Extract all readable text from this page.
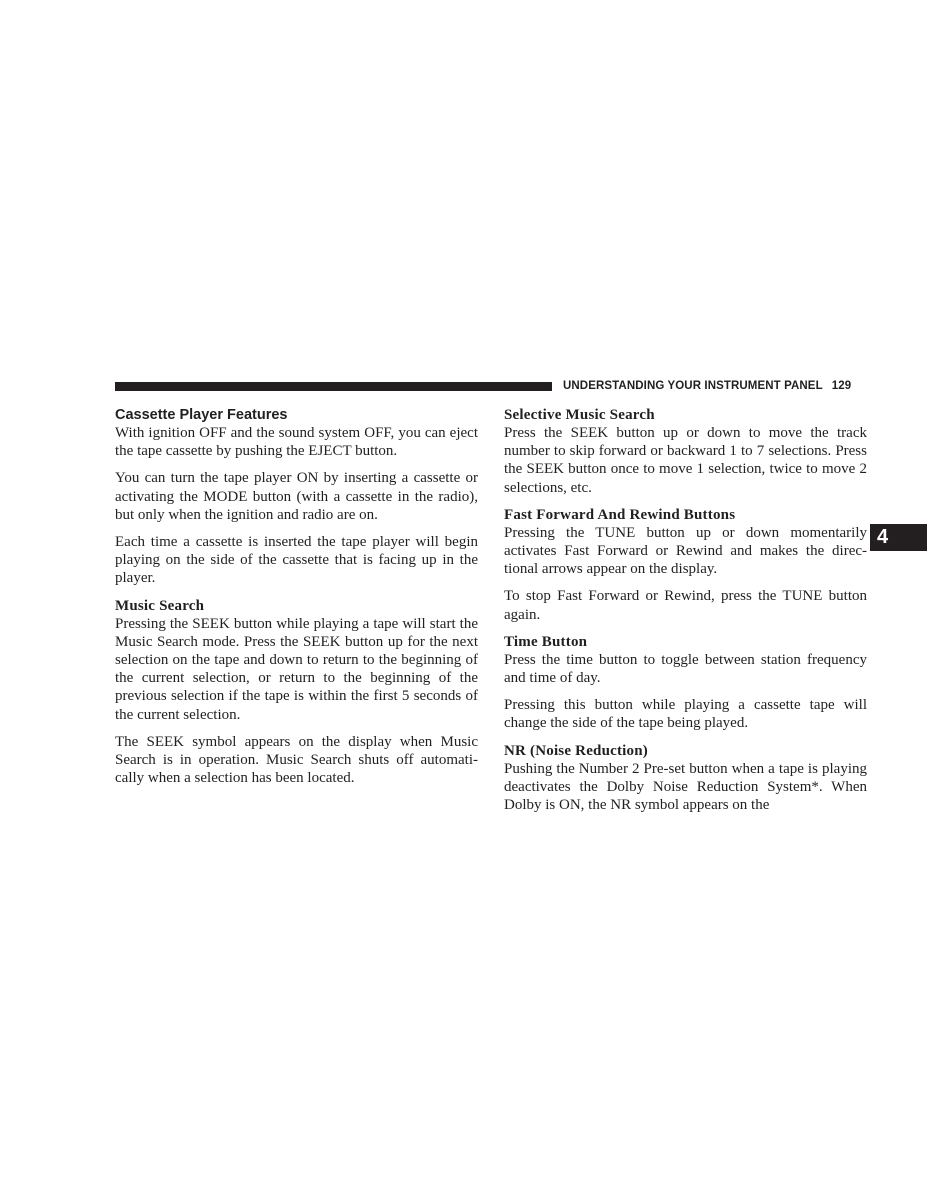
UNDERSTANDING YOUR INSTRUMENT PANEL 129
4
Cassette Player Features

With ignition OFF and the sound system OFF, you can eject the tape cassette by pushing the EJECT button.

You can turn the tape player ON by inserting a cassette or activating the MODE button (with a cassette in the radio), but only when the ignition and radio are on.

Each time a cassette is inserted the tape player will begin playing on the side of the cassette that is facing up in the player.

Music Search

Pressing the SEEK button while playing a tape will start the Music Search mode. Press the SEEK button up for the next selection on the tape and down to return to the beginning of the current selection, or return to the beginning of the previous selection if the tape is within the first 5 seconds of the current selection.

The SEEK symbol appears on the display when Music Search is in operation. Music Search shuts off automati-cally when a selection has been located.

Selective Music Search

Press the SEEK button up or down to move the track number to skip forward or backward 1 to 7 selections. Press the SEEK button once to move 1 selection, twice to move 2 selections, etc.

Fast Forward And Rewind Buttons

Pressing the TUNE button up or down momentarily activates Fast Forward or Rewind and makes the direc-tional arrows appear on the display.

To stop Fast Forward or Rewind, press the TUNE button again.

Time Button

Press the time button to toggle between station frequency and time of day.

Pressing this button while playing a cassette tape will change the side of the tape being played.

NR (Noise Reduction)

Pushing the Number 2 Pre-set button when a tape is playing deactivates the Dolby Noise Reduction System*. When Dolby is ON, the NR symbol appears on the
